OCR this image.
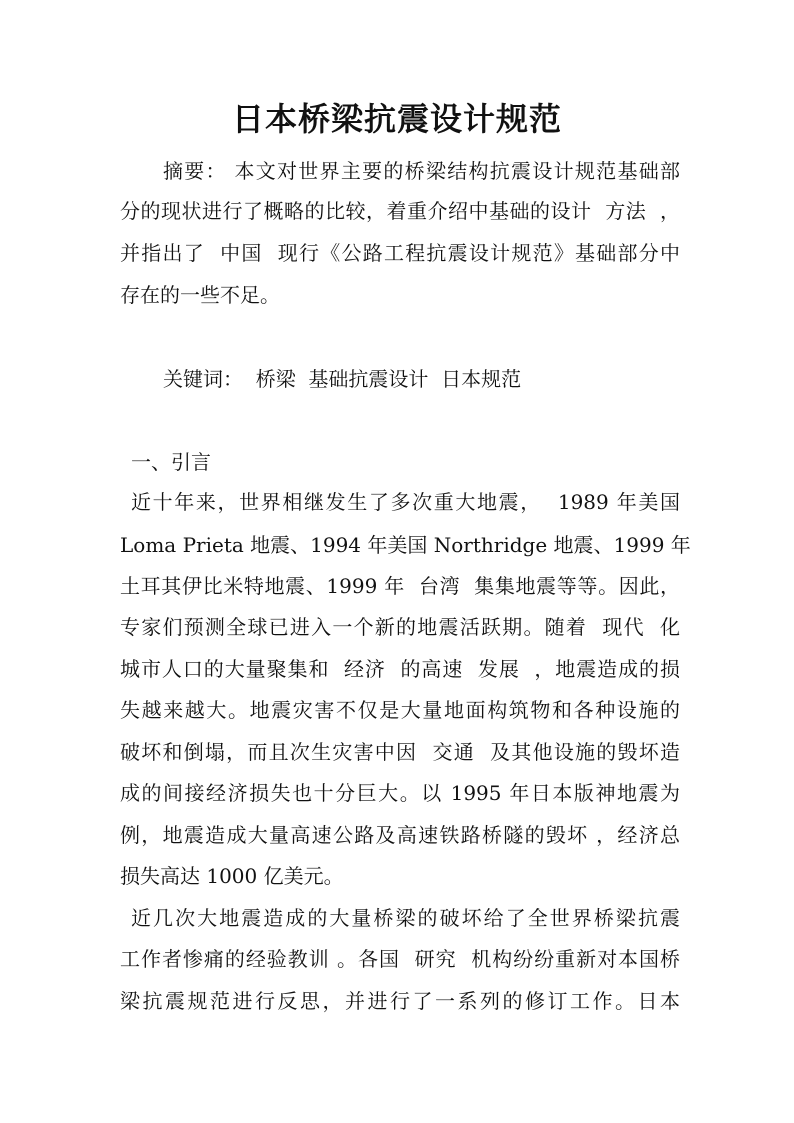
日本桥梁抗震设计规范
摘要： 本文对世界主要的桥梁结构抗震设计规范基础部
分的现状进行了概略的比较，着重介绍中基础的设计  方法  ，
并指出了  中国  现行《公路工程抗震设计规范》基础部分中
存在的一些不足。
关键词：  桥梁  基础抗震设计  日本规范
一、引言
近十年来，世界相继发生了多次重大地震，  1989 年美国
Loma Prieta 地震、1994 年美国 Northridge 地震、1999 年
土耳其伊比米特地震、1999 年  台湾  集集地震等等。因此，
专家们预测全球已进入一个新的地震活跃期。随着  现代  化
城市人口的大量聚集和  经济  的高速  发展  ，地震造成的损
失越来越大。地震灾害不仅是大量地面构筑物和各种设施的
破坏和倒塌，而且次生灾害中因  交通  及其他设施的毁坏造
成的间接经济损失也十分巨大。以 1995 年日本版神地震为
例，地震造成大量高速公路及高速铁路桥隧的毁坏 ，经济总
损失高达 1000 亿美元。
近几次大地震造成的大量桥梁的破坏给了全世界桥梁抗震
工作者惨痛的经验教训 。各国  研究  机构纷纷重新对本国桥
梁抗震规范进行反思，并进行了一系列的修订工作。日本
